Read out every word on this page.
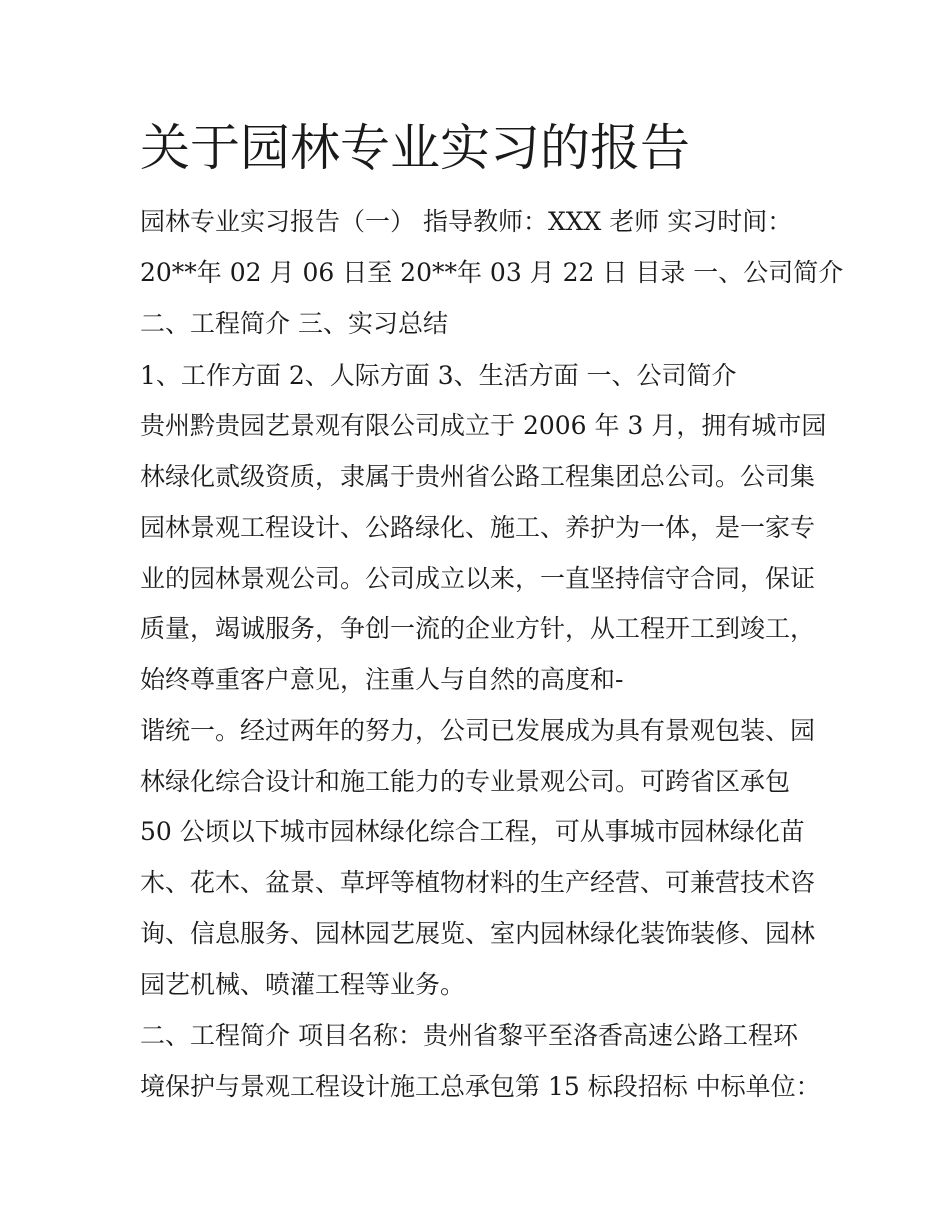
关于园林专业实习的报告

园林专业实习报告（一） 指导教师：XXX 老师 实习时间：

20**年 02 月 06 日至 20**年 03 月 22 日 目录 一、公司简介

二、工程简介 三、实习总结

1、工作方面 2、人际方面 3、生活方面 一、公司简介

贵州黔贵园艺景观有限公司成立于 2006 年 3 月，拥有城市园

林绿化贰级资质，隶属于贵州省公路工程集团总公司。公司集

园林景观工程设计、公路绿化、施工、养护为一体，是一家专

业的园林景观公司。公司成立以来，一直坚持信守合同，保证

质量，竭诚服务，争创一流的企业方针，从工程开工到竣工，

始终尊重客户意见，注重人与自然的高度和-

谐统一。经过两年的努力，公司已发展成为具有景观包装、园

林绿化综合设计和施工能力的专业景观公司。可跨省区承包

50 公顷以下城市园林绿化综合工程，可从事城市园林绿化苗

木、花木、盆景、草坪等植物材料的生产经营、可兼营技术咨

询、信息服务、园林园艺展览、室内园林绿化装饰装修、园林

园艺机械、喷灌工程等业务。

二、工程简介 项目名称：贵州省黎平至洛香高速公路工程环

境保护与景观工程设计施工总承包第 15 标段招标 中标单位：
